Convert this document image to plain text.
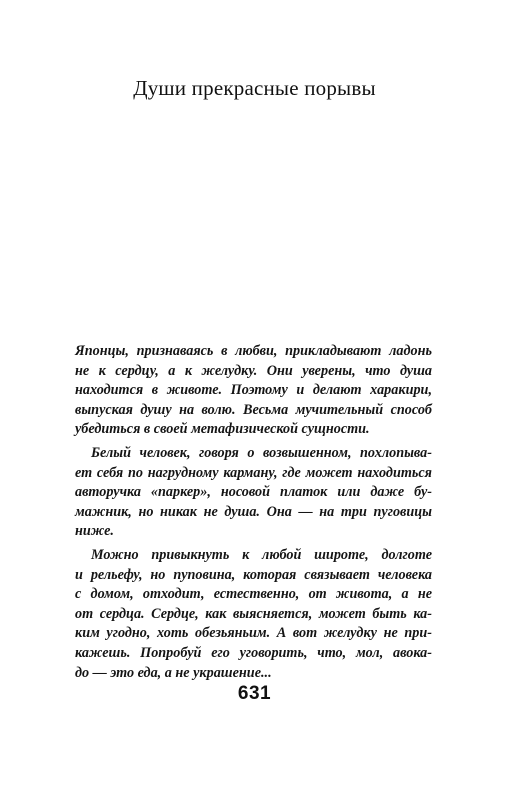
Души прекрасные порывы

Японцы, признаваясь в любви, прикладывают ладонь
не к сердцу, а к желудку. Они уверены, что душа
находится в животе. Поэтому и делают харакири,
выпуская душу на волю. Весьма мучительный способ
убедиться в своей метафизической сущности.

Белый человек, говоря о возвышенном, похлопыва-
ет себя по нагрудному карману, где может находиться
авторучка «паркер», носовой платок или даже бу-
мажник, но никак не душа. Она — на три пуговицы
ниже.

Можно привыкнуть к любой широте, долготе
и рельефу, но пуповина, которая связывает человека
с домом, отходит, естественно, от живота, а не
от сердца. Сердце, как выясняется, может быть ка-
ким угодно, хоть обезьяньим. А вот желудку не при-
кажешь. Попробуй его уговорить, что, мол, авока-
до — это еда, а не украшение...

631
